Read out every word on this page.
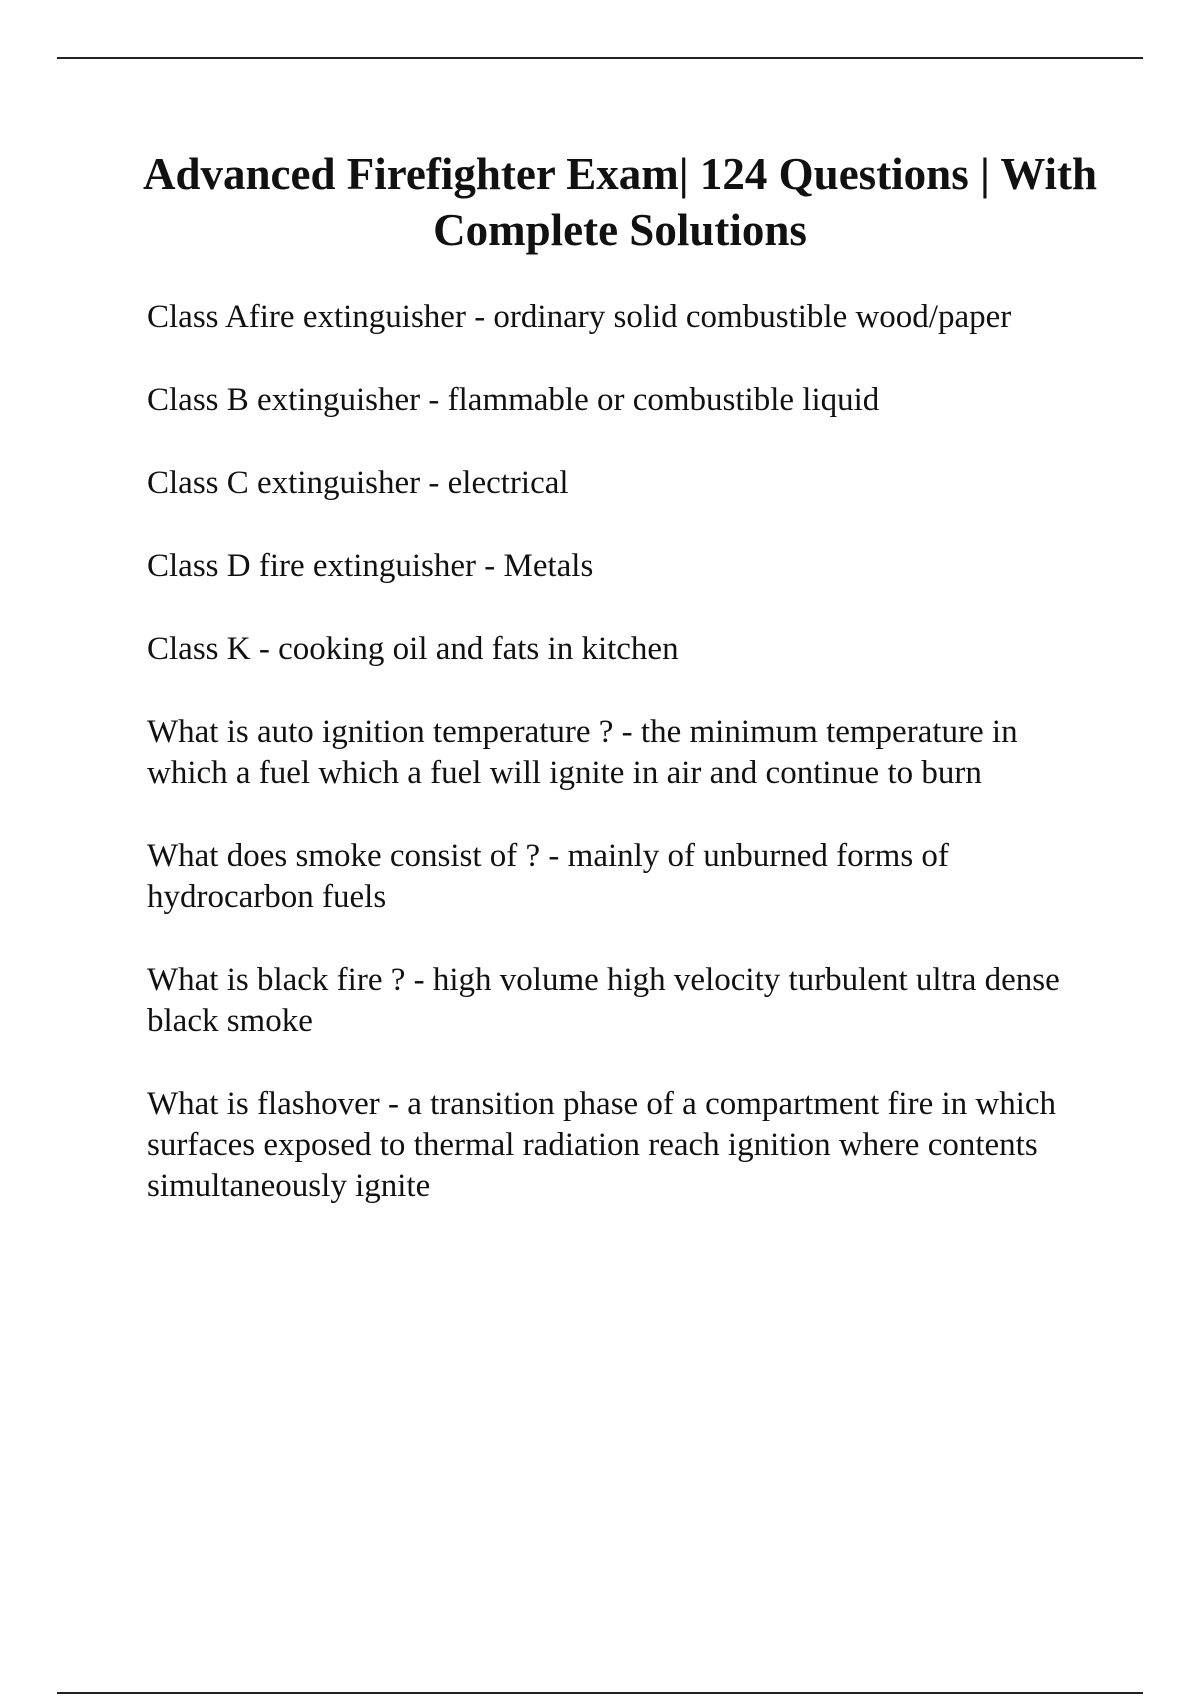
Advanced Firefighter Exam| 124 Questions | With Complete Solutions
Class Afire extinguisher - ordinary solid combustible wood/paper
Class B extinguisher - flammable or combustible liquid
Class C extinguisher - electrical
Class D fire extinguisher - Metals
Class K - cooking oil and fats in kitchen
What is auto ignition temperature ? - the minimum temperature in which a fuel which a fuel will ignite in air and continue to burn
What does smoke consist of ? - mainly of unburned forms of hydrocarbon fuels
What is black fire ? - high volume high velocity turbulent ultra dense black smoke
What is flashover - a transition phase of a compartment fire in which surfaces exposed to thermal radiation reach ignition where contents simultaneously ignite
